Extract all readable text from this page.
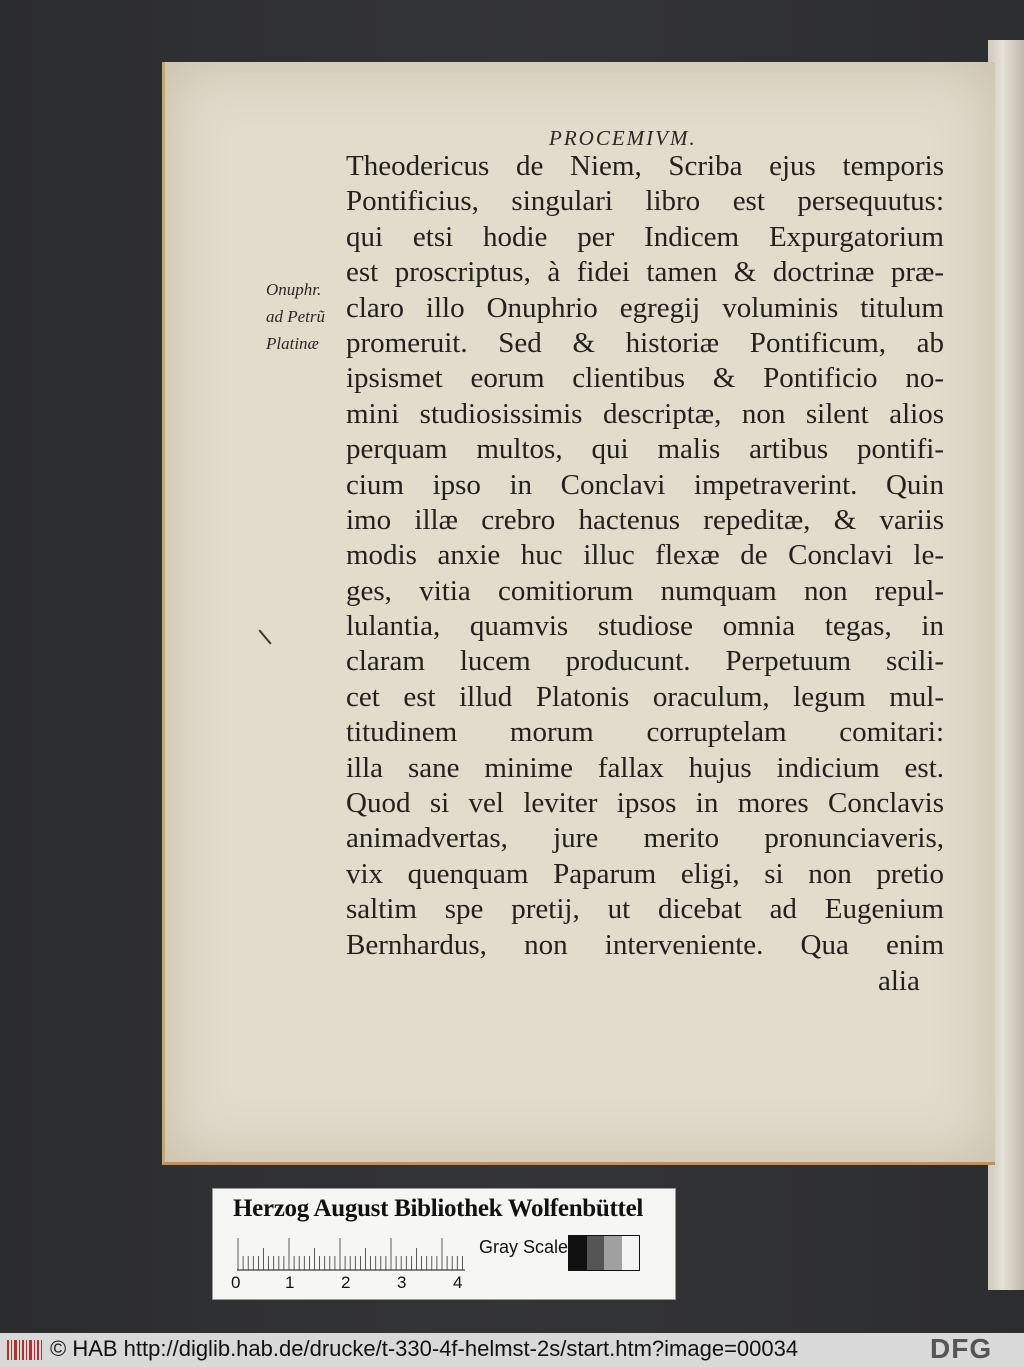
PROCEMIVM.
Onuphr.
ad Petrũ
Platinæ
Theodericus de Niem, Scriba ejus temporis
Pontificius, singulari libro est persequutus:
qui etsi hodie per Indicem Expurgatorium
est proscriptus, à fidei tamen & doctrinæ præ-
claro illo Onuphrio egregij voluminis titulum
promeruit. Sed & historiæ Pontificum, ab
ipsismet eorum clientibus & Pontificio no-
mini studiosissimis descriptæ, non silent alios
perquam multos, qui malis artibus pontifi-
cium ipso in Conclavi impetraverint. Quin
imo illæ crebro hactenus repeditæ, & variis
modis anxie huc illuc flexæ de Conclavi le-
ges, vitia comitiorum numquam non repul-
lulantia, quamvis studiose omnia tegas, in
claram lucem producunt. Perpetuum scili-
cet est illud Platonis oraculum, legum mul-
titudinem morum corruptelam comitari:
illa sane minime fallax hujus indicium est.
Quod si vel leviter ipsos in mores Conclavis
animadvertas, jure merito pronunciaveris,
vix quenquam Paparum eligi, si non pretio
saltim spe pretij, ut dicebat ad Eugenium
Bernhardus, non interveniente. Qua enim
alia
Herzog August Bibliothek Wolfenbüttel
0	1	2	3	4
Gray Scale
© HAB http://diglib.hab.de/drucke/t-330-4f-helmst-2s/start.htm?image=00034	DFG
